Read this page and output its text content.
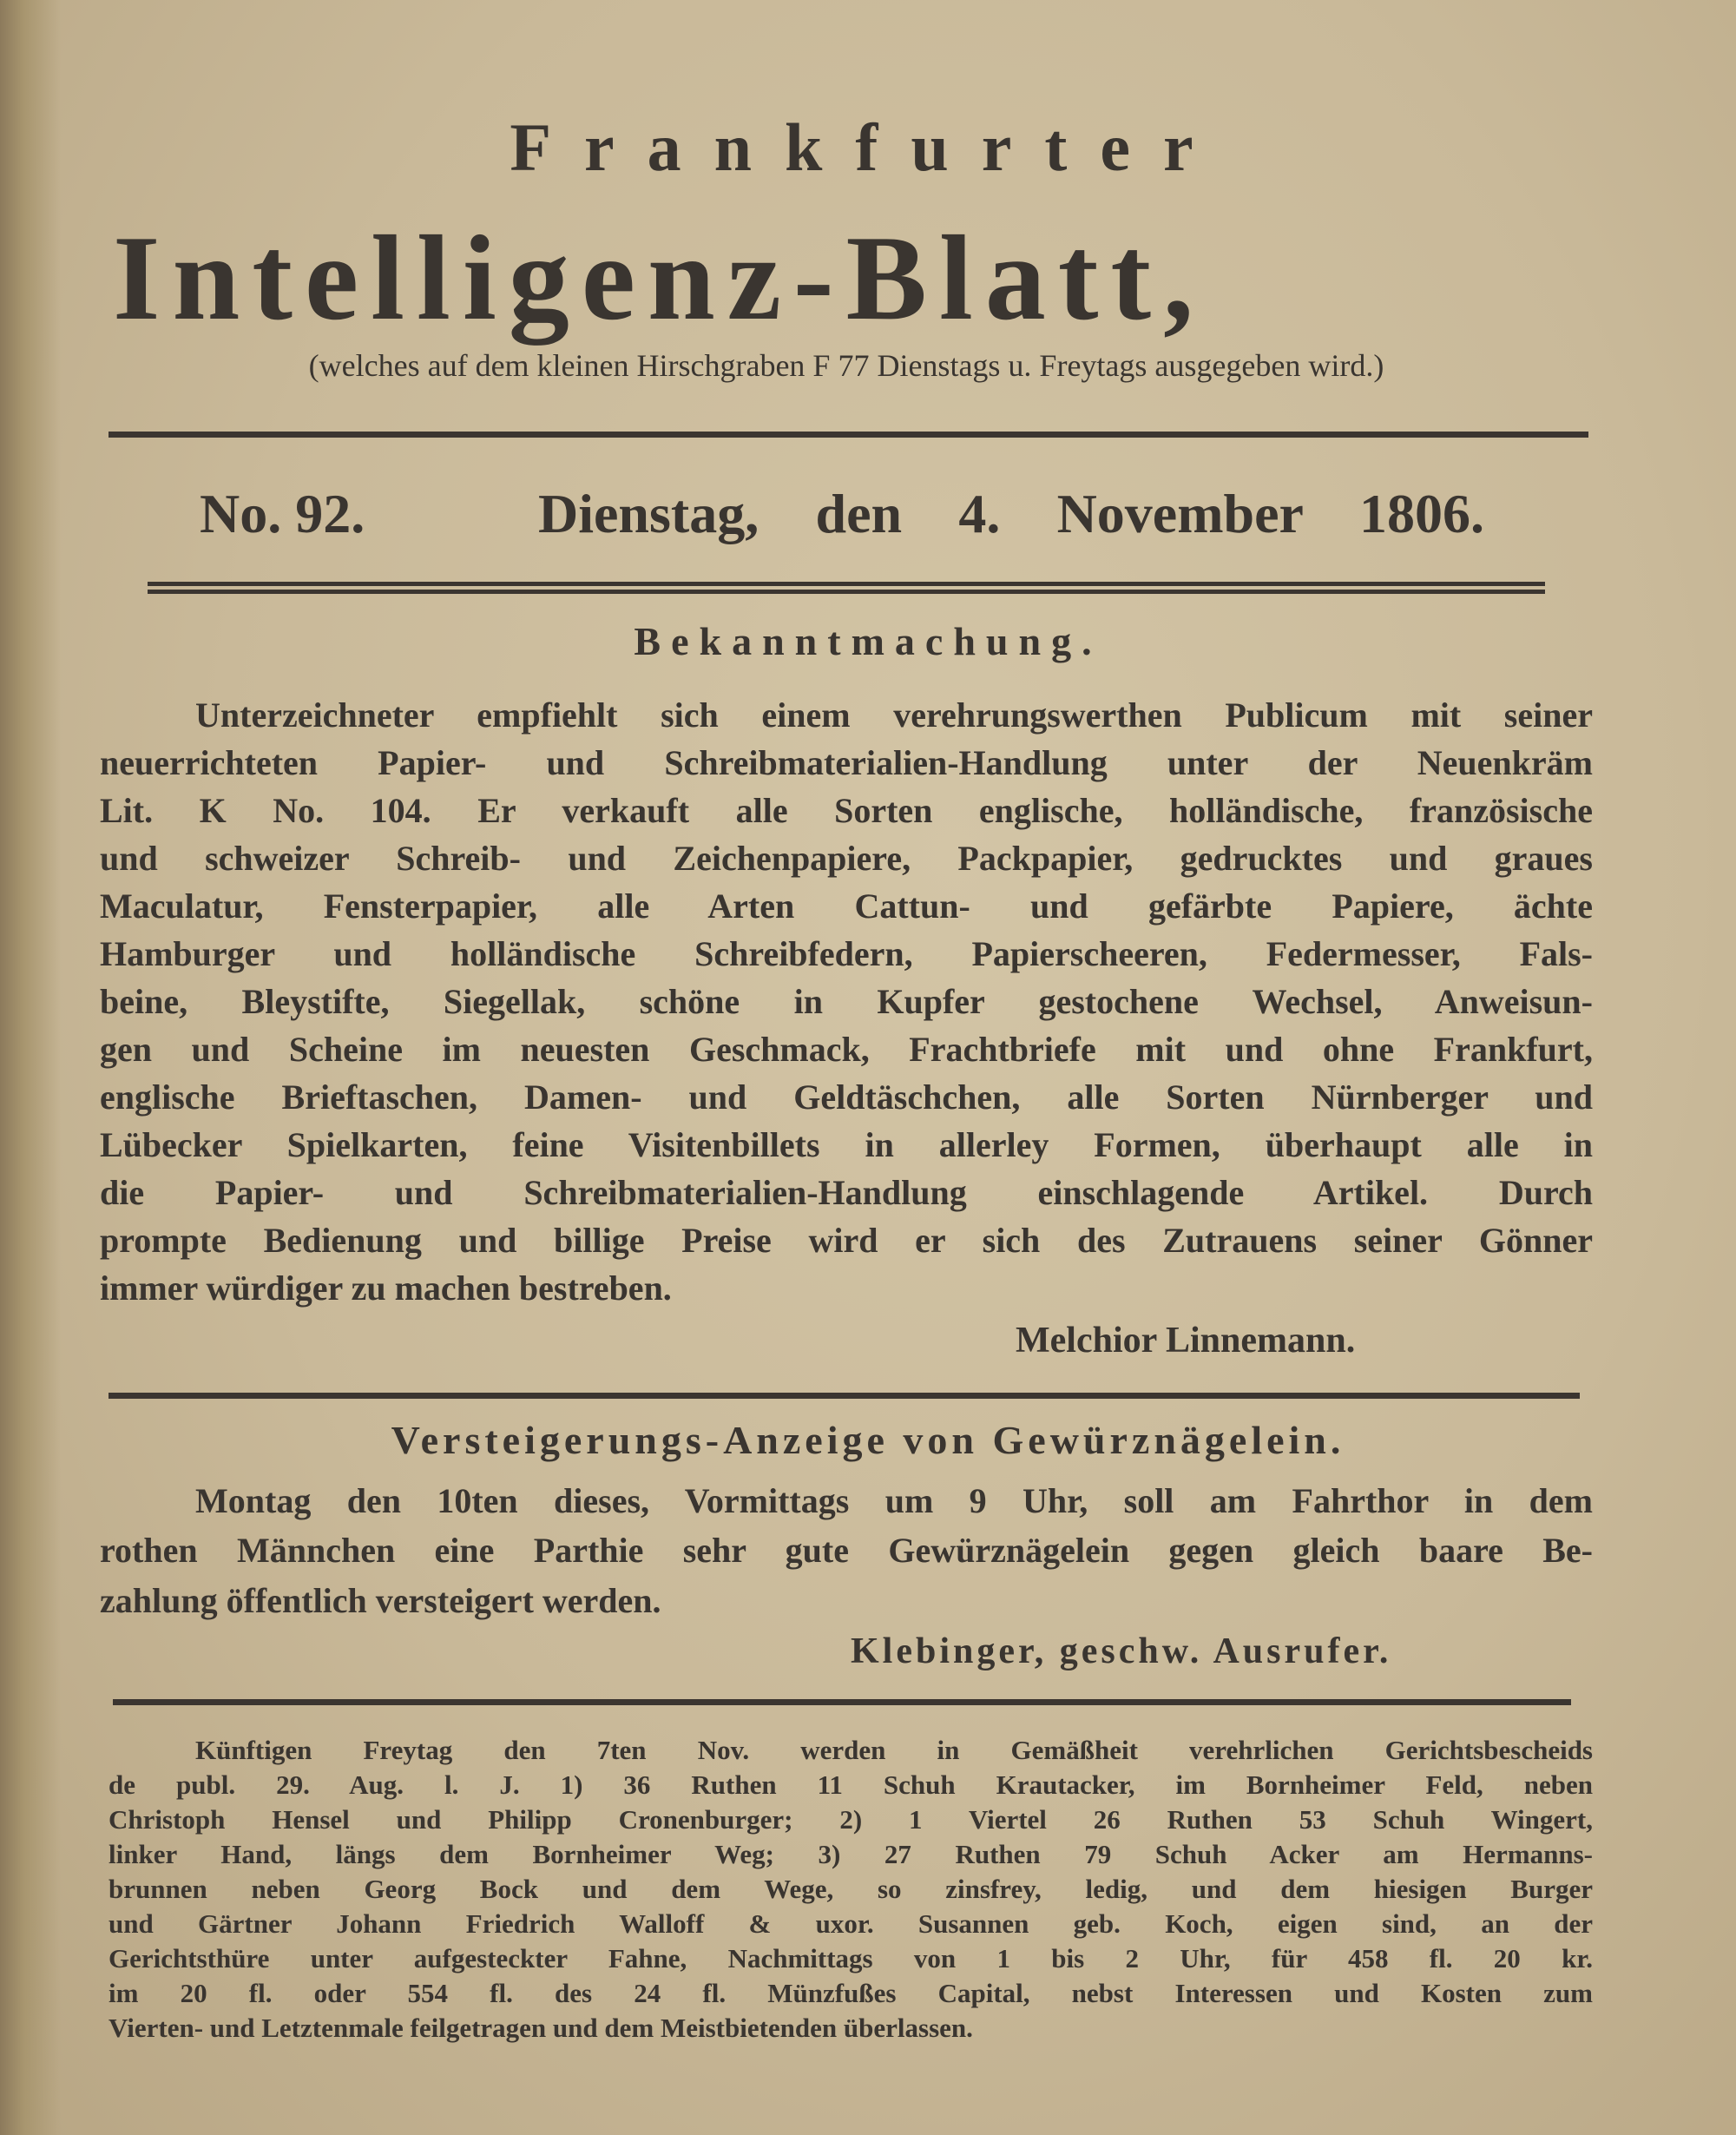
Frankfurter
Intelligenz-Blatt,
(welches auf dem kleinen Hirschgraben F 77 Dienstags u. Freytags ausgegeben wird.)
No. 92.	Dienstag, den 4. November 1806.
Bekanntmachung.
Unterzeichneter empfiehlt sich einem verehrungswerthen Publicum mit seiner
neuerrichteten Papier- und Schreibmaterialien-Handlung unter der Neuenkräm
Lit. K No. 104. Er verkauft alle Sorten englische, holländische, französische
und schweizer Schreib- und Zeichenpapiere, Packpapier, gedrucktes und graues
Maculatur, Fensterpapier, alle Arten Cattun- und gefärbte Papiere, ächte
Hamburger und holländische Schreibfedern, Papierscheeren, Federmesser, Fals-
beine, Bleystifte, Siegellak, schöne in Kupfer gestochene Wechsel, Anweisun-
gen und Scheine im neuesten Geschmack, Frachtbriefe mit und ohne Frankfurt,
englische Brieftaschen, Damen- und Geldtäschchen, alle Sorten Nürnberger und
Lübecker Spielkarten, feine Visitenbillets in allerley Formen, überhaupt alle in
die Papier- und Schreibmaterialien-Handlung einschlagende Artikel. Durch
prompte Bedienung und billige Preise wird er sich des Zutrauens seiner Gönner
immer würdiger zu machen bestreben.
Melchior Linnemann.
Versteigerungs-Anzeige von Gewürznägelein.
Montag den 10ten dieses, Vormittags um 9 Uhr, soll am Fahrthor in dem
rothen Männchen eine Parthie sehr gute Gewürznägelein gegen gleich baare Be-
zahlung öffentlich versteigert werden.
Klebinger, geschw. Ausrufer.
Künftigen Freytag den 7ten Nov. werden in Gemäßheit verehrlichen Gerichtsbescheids
de publ. 29. Aug. l. J. 1) 36 Ruthen 11 Schuh Krautacker, im Bornheimer Feld, neben
Christoph Hensel und Philipp Cronenburger; 2) 1 Viertel 26 Ruthen 53 Schuh Wingert,
linker Hand, längs dem Bornheimer Weg; 3) 27 Ruthen 79 Schuh Acker am Hermanns-
brunnen neben Georg Bock und dem Wege, so zinsfrey, ledig, und dem hiesigen Burger
und Gärtner Johann Friedrich Walloff & uxor. Susannen geb. Koch, eigen sind, an der
Gerichtsthüre unter aufgesteckter Fahne, Nachmittags von 1 bis 2 Uhr, für 458 fl. 20 kr.
im 20 fl. oder 554 fl. des 24 fl. Münzfußes Capital, nebst Interessen und Kosten zum
Vierten- und Letztenmale feilgetragen und dem Meistbietenden überlassen.
